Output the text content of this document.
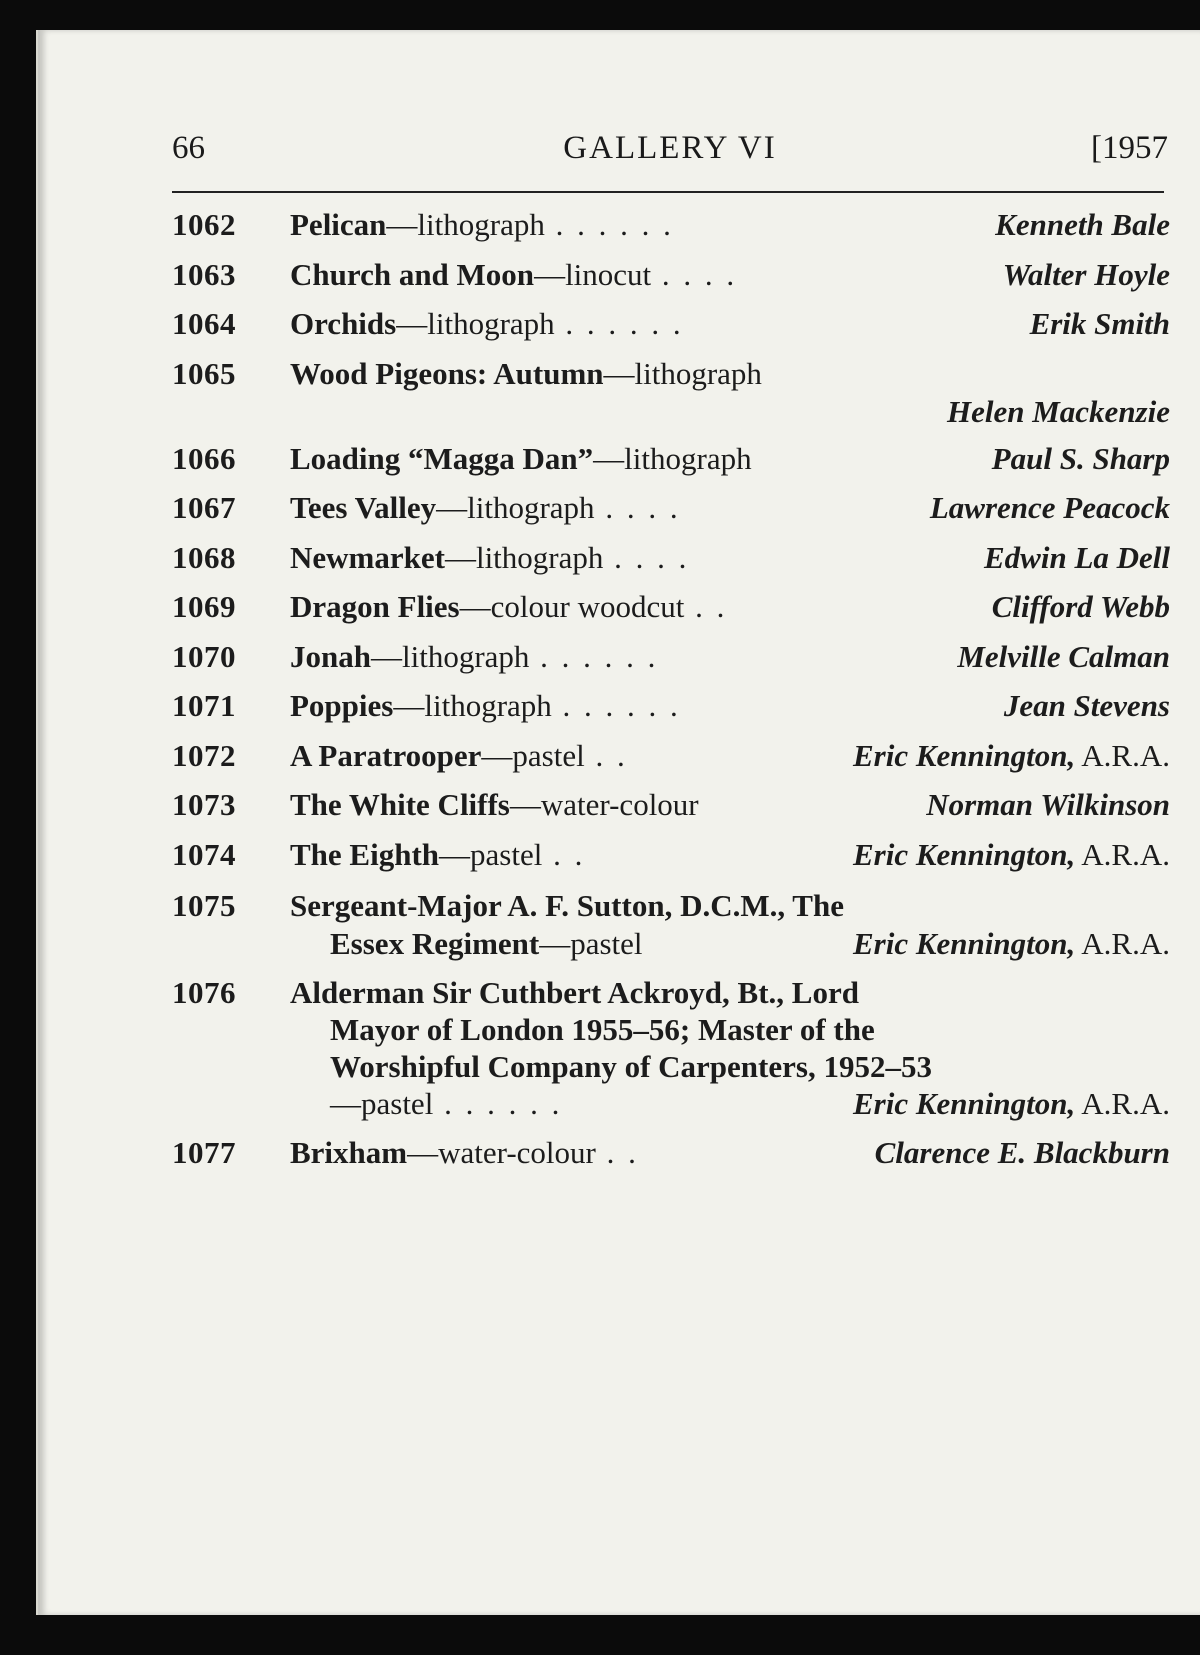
66	GALLERY VI	[1957
1062 Pelican—lithograph . . . . . .	Kenneth Bale
1063 Church and Moon—linocut . . . .	Walter Hoyle
1064 Orchids—lithograph . . . . . .	Erik Smith
1065 Wood Pigeons: Autumn—lithograph
Helen Mackenzie
1066 Loading “Magga Dan”—lithograph	Paul S. Sharp
1067 Tees Valley—lithograph . . . .	Lawrence Peacock
1068 Newmarket—lithograph . . . .	Edwin La Dell
1069 Dragon Flies—colour woodcut . .	Clifford Webb
1070 Jonah—lithograph . . . . . .	Melville Calman
1071 Poppies—lithograph . . . . . .	Jean Stevens
1072 A Paratrooper—pastel . .	Eric Kennington, A.R.A.
1073 The White Cliffs—water-colour	Norman Wilkinson
1074 The Eighth—pastel . .	Eric Kennington, A.R.A.
1075 Sergeant-Major A. F. Sutton, D.C.M., The
Essex Regiment—pastel	Eric Kennington, A.R.A.
1076 Alderman Sir Cuthbert Ackroyd, Bt., Lord
Mayor of London 1955–56; Master of the
Worshipful Company of Carpenters, 1952–53
—pastel . . . . . .	Eric Kennington, A.R.A.
1077 Brixham—water-colour . .	Clarence E. Blackburn
